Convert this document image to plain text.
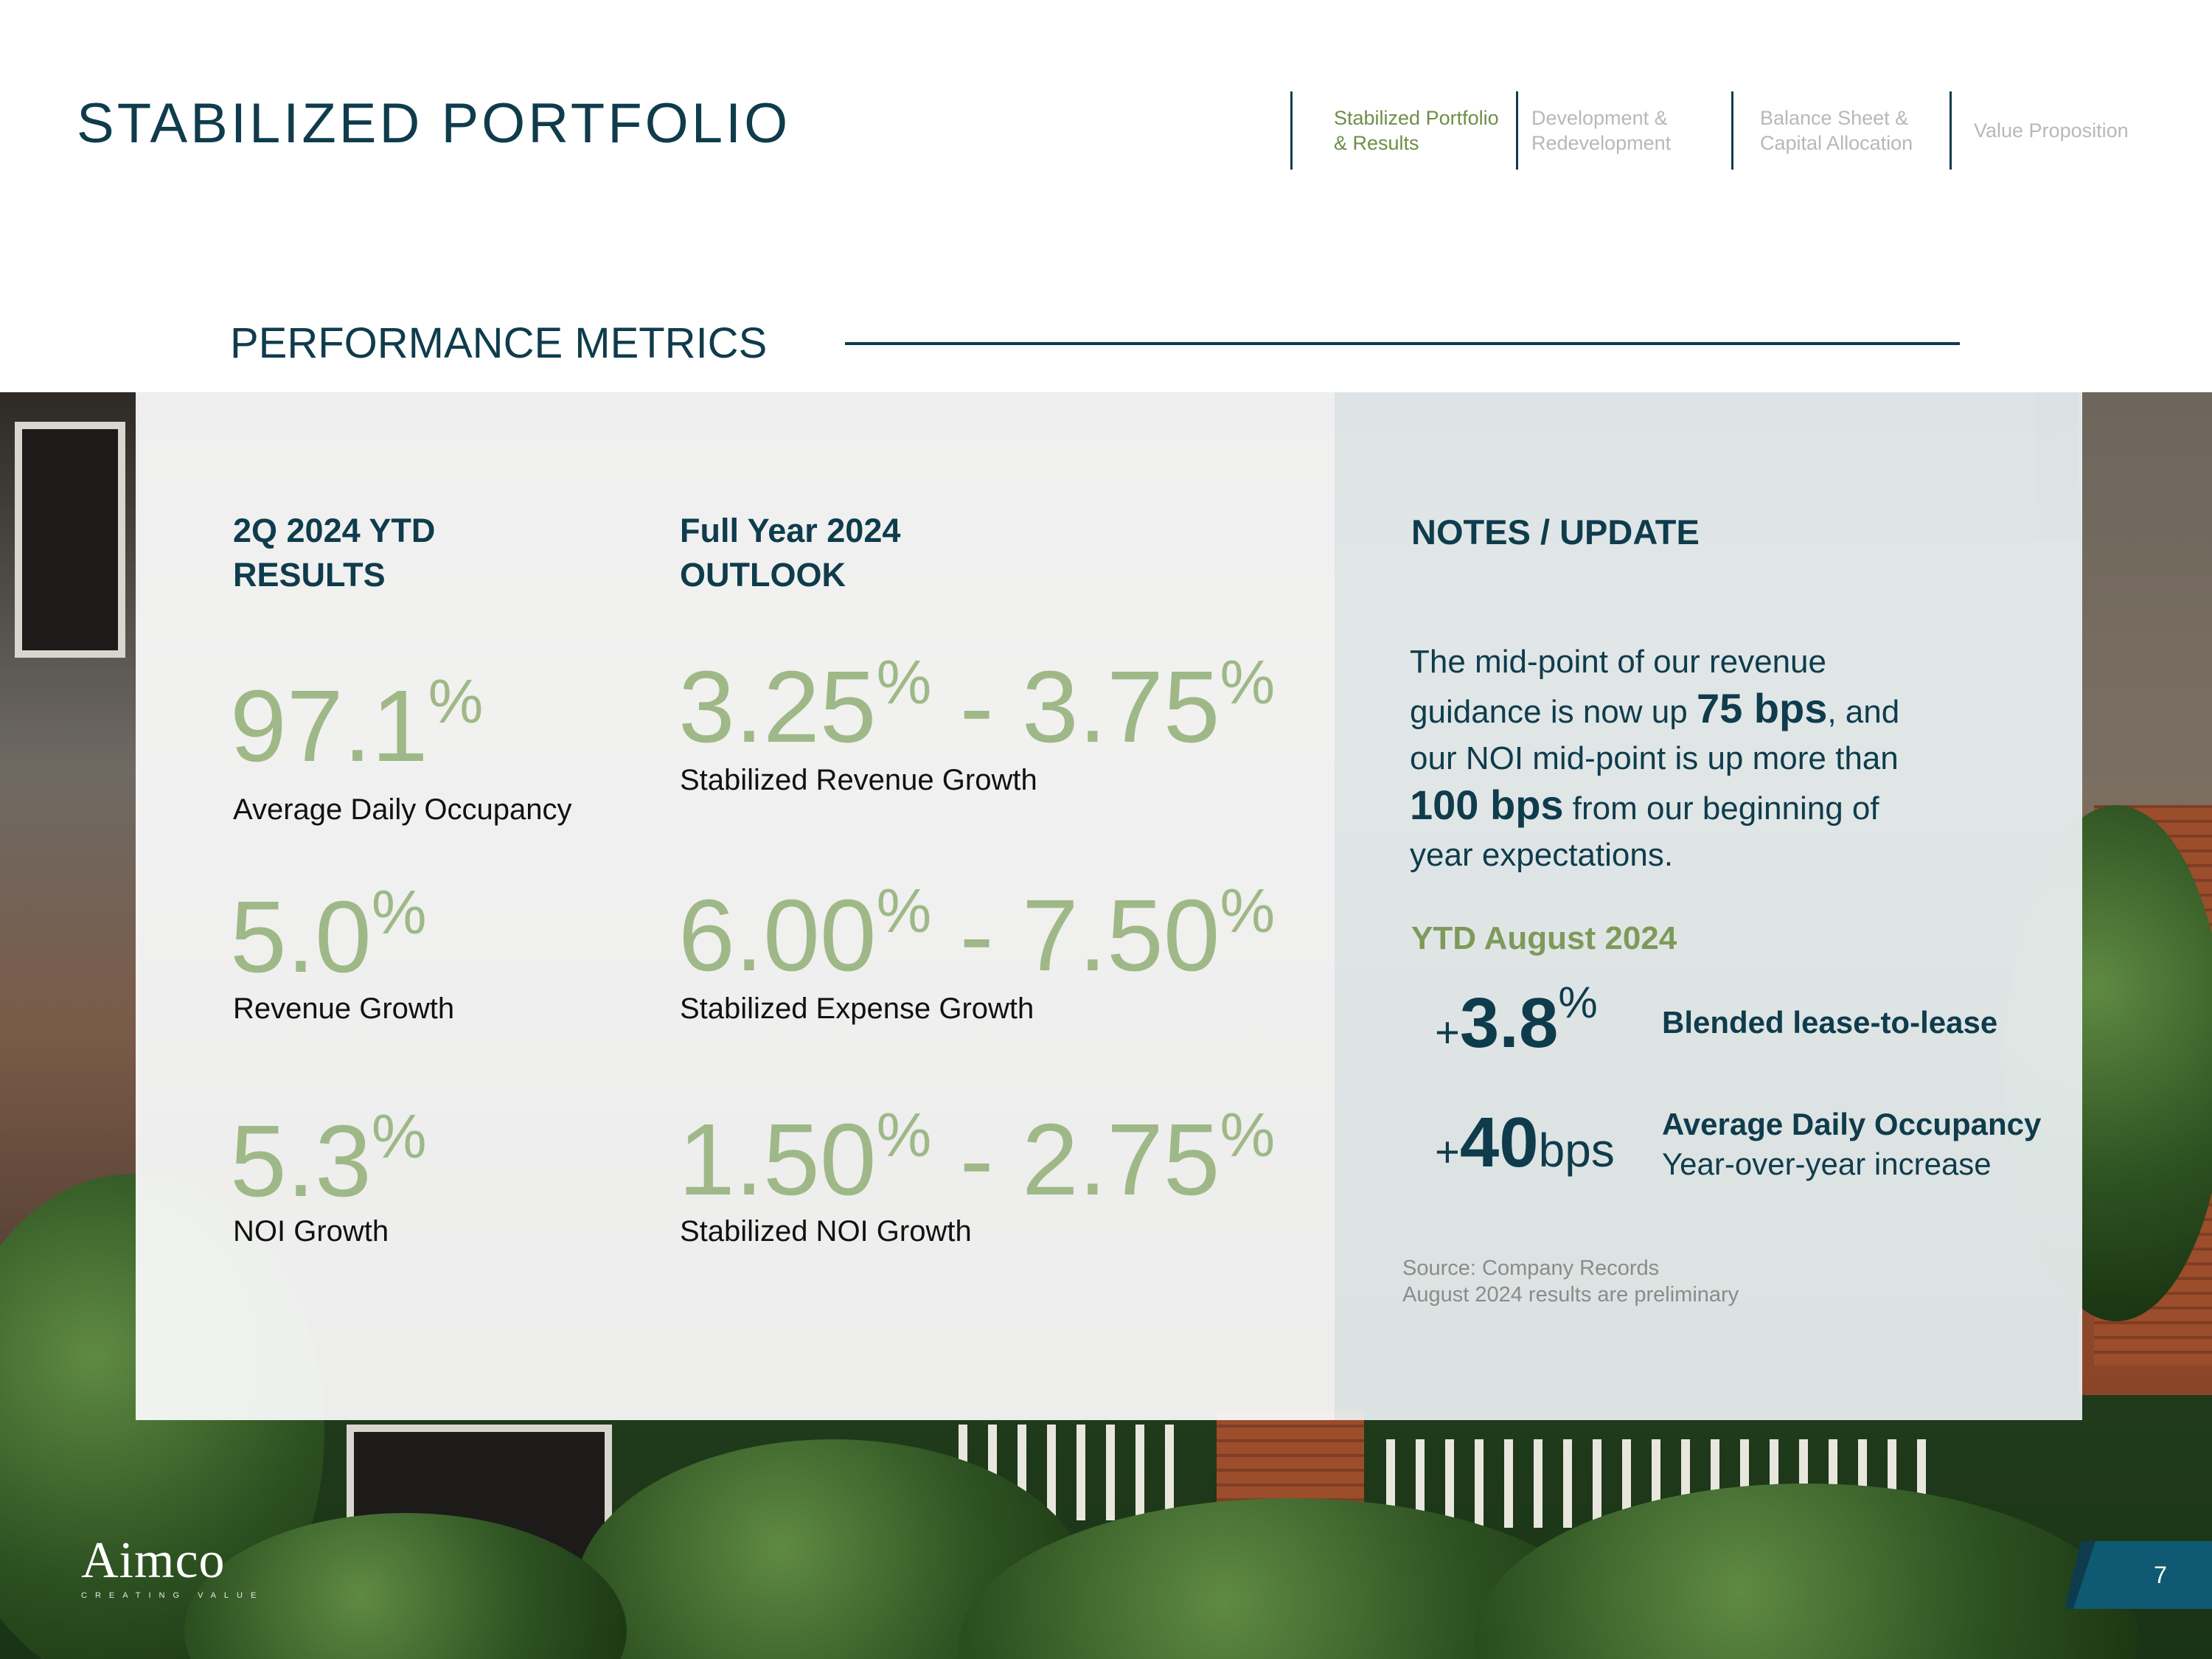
STABILIZED PORTFOLIO	Stabilized Portfolio
& Results
Development &
Redevelopment
Balance Sheet &
Capital Allocation
Value Proposition
PERFORMANCE METRICS
2Q 2024 YTD
RESULTS
97.1%
Average Daily Occupancy
5.0%
Revenue Growth
5.3%
NOI Growth
Full Year 2024
OUTLOOK
3.25% - 3.75%
Stabilized Revenue Growth
6.00% - 7.50%
Stabilized Expense Growth
1.50% - 2.75%
Stabilized NOI Growth
NOTES / UPDATE
The mid-point of our revenue guidance is now up 75 bps, and our NOI mid-point is up more than 100 bps from our beginning of year expectations.
YTD August 2024
+3.8% Blended lease-to-lease
+40bps Average Daily Occupancy
Year-over-year increase
Source: Company Records
August 2024 results are preliminary
Aimco
CREATING VALUE
7
